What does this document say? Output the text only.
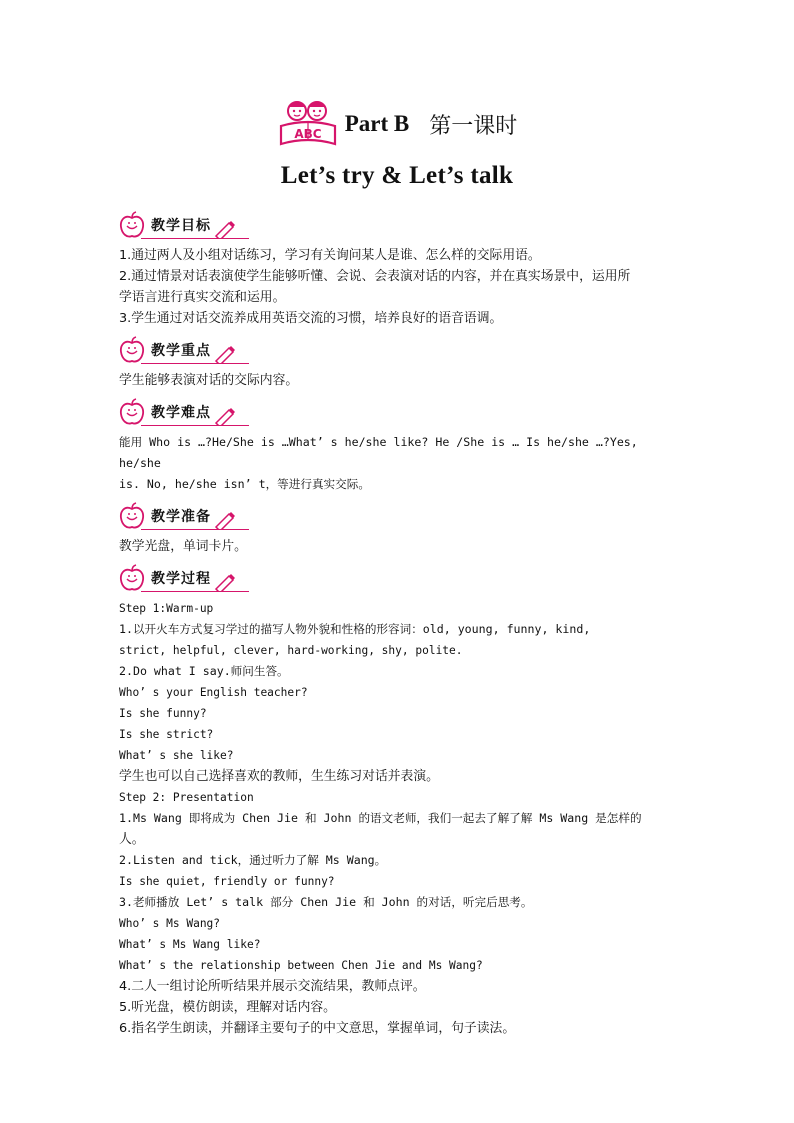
ABC Part B 第一课时
Let’s try & Let’s talk
教学目标

1.通过两人及小组对话练习，学习有关询问某人是谁、怎么样的交际用语。

2.通过情景对话表演使学生能够听懂、会说、会表演对话的内容，并在真实场景中，运用所

学语言进行真实交流和运用。

3.学生通过对话交流养成用英语交流的习惯，培养良好的语音语调。

教学重点

学生能够表演对话的交际内容。

教学难点

能用 Who is …?He/She is …What’ s he/she like? He /She is … Is he/she …?Yes, he/she

is. No, he/she isn’ t，等进行真实交际。

教学准备

教学光盘，单词卡片。

教学过程

Step 1:Warm-up

1.以开火车方式复习学过的描写人物外貌和性格的形容词：old, young, funny, kind,

strict, helpful, clever, hard-working, shy, polite.

2.Do what I say.师问生答。

Who’ s your English teacher?

Is she funny?

Is she strict?

What’ s she like?

学生也可以自己选择喜欢的教师，生生练习对话并表演。

Step 2: Presentation

1.Ms Wang 即将成为 Chen Jie 和 John 的语文老师，我们一起去了解了解 Ms Wang 是怎样的

人。

2.Listen and tick，通过听力了解 Ms Wang。

Is she quiet, friendly or funny?

3.老师播放 Let’ s talk 部分 Chen Jie 和 John 的对话，听完后思考。

Who’ s Ms Wang?

What’ s Ms Wang like?

What’ s the relationship between Chen Jie and Ms Wang?

4.二人一组讨论所听结果并展示交流结果，教师点评。

5.听光盘，模仿朗读，理解对话内容。

6.指名学生朗读，并翻译主要句子的中文意思，掌握单词，句子读法。
